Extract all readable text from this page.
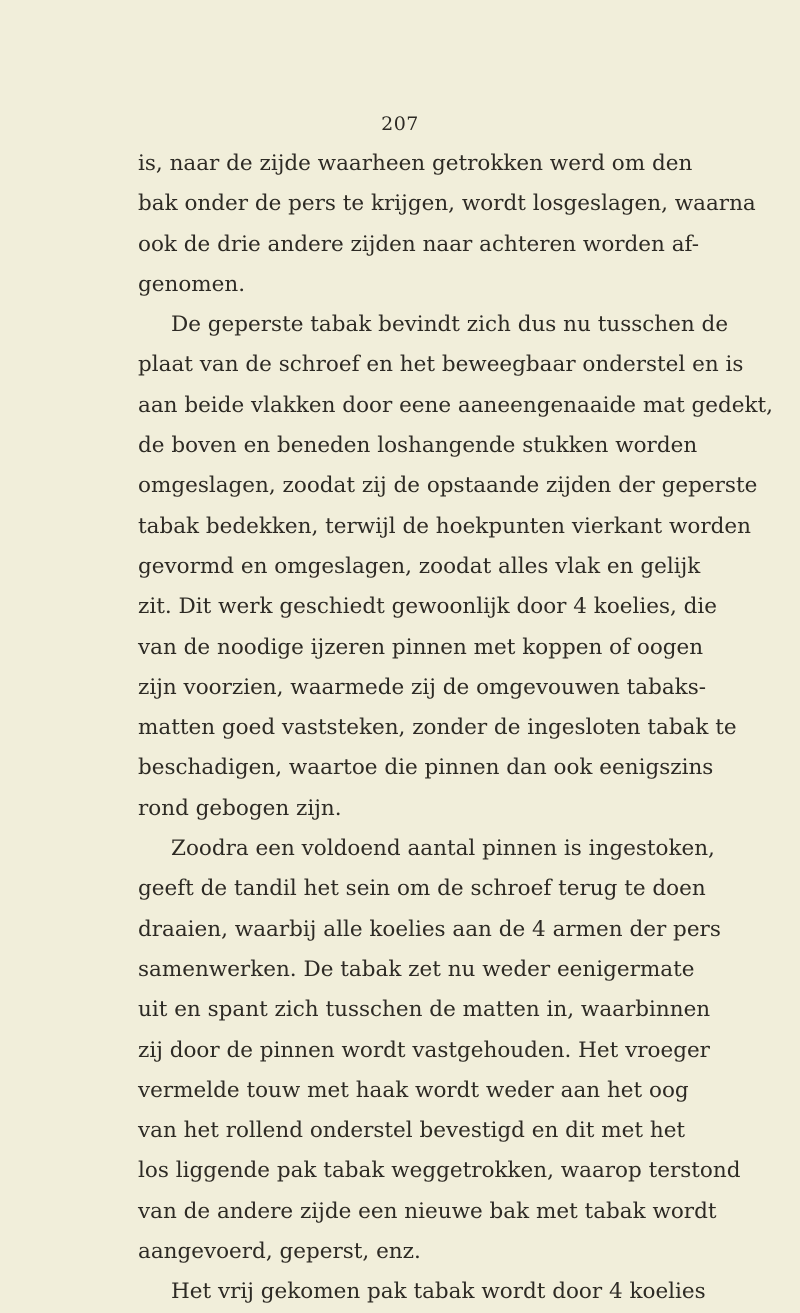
207
is, naar de zijde waarheen getrokken werd om den
bak onder de pers te krijgen, wordt losgeslagen, waarna
ook de drie andere zijden naar achteren worden af-
genomen.
De geperste tabak bevindt zich dus nu tusschen de
plaat van de schroef en het beweegbaar onderstel en is
aan beide vlakken door eene aaneengenaaide mat gedekt,
de boven en beneden loshangende stukken worden
omgeslagen, zoodat zij de opstaande zijden der geperste
tabak bedekken, terwijl de hoekpunten vierkant worden
gevormd en omgeslagen, zoodat alles vlak en gelijk
zit. Dit werk geschiedt gewoonlijk door 4 koelies, die
van de noodige ijzeren pinnen met koppen of oogen
zijn voorzien, waarmede zij de omgevouwen tabaks-
matten goed vaststeken, zonder de ingesloten tabak te
beschadigen, waartoe die pinnen dan ook eenigszins
rond gebogen zijn.
Zoodra een voldoend aantal pinnen is ingestoken,
geeft de tandil het sein om de schroef terug te doen
draaien, waarbij alle koelies aan de 4 armen der pers
samenwerken. De tabak zet nu weder eenigermate
uit en spant zich tusschen de matten in, waarbinnen
zij door de pinnen wordt vastgehouden. Het vroeger
vermelde touw met haak wordt weder aan het oog
van het rollend onderstel bevestigd en dit met het
los liggende pak tabak weggetrokken, waarop terstond
van de andere zijde een nieuwe bak met tabak wordt
aangevoerd, geperst, enz.
Het vrij gekomen pak tabak wordt door 4 koelies
